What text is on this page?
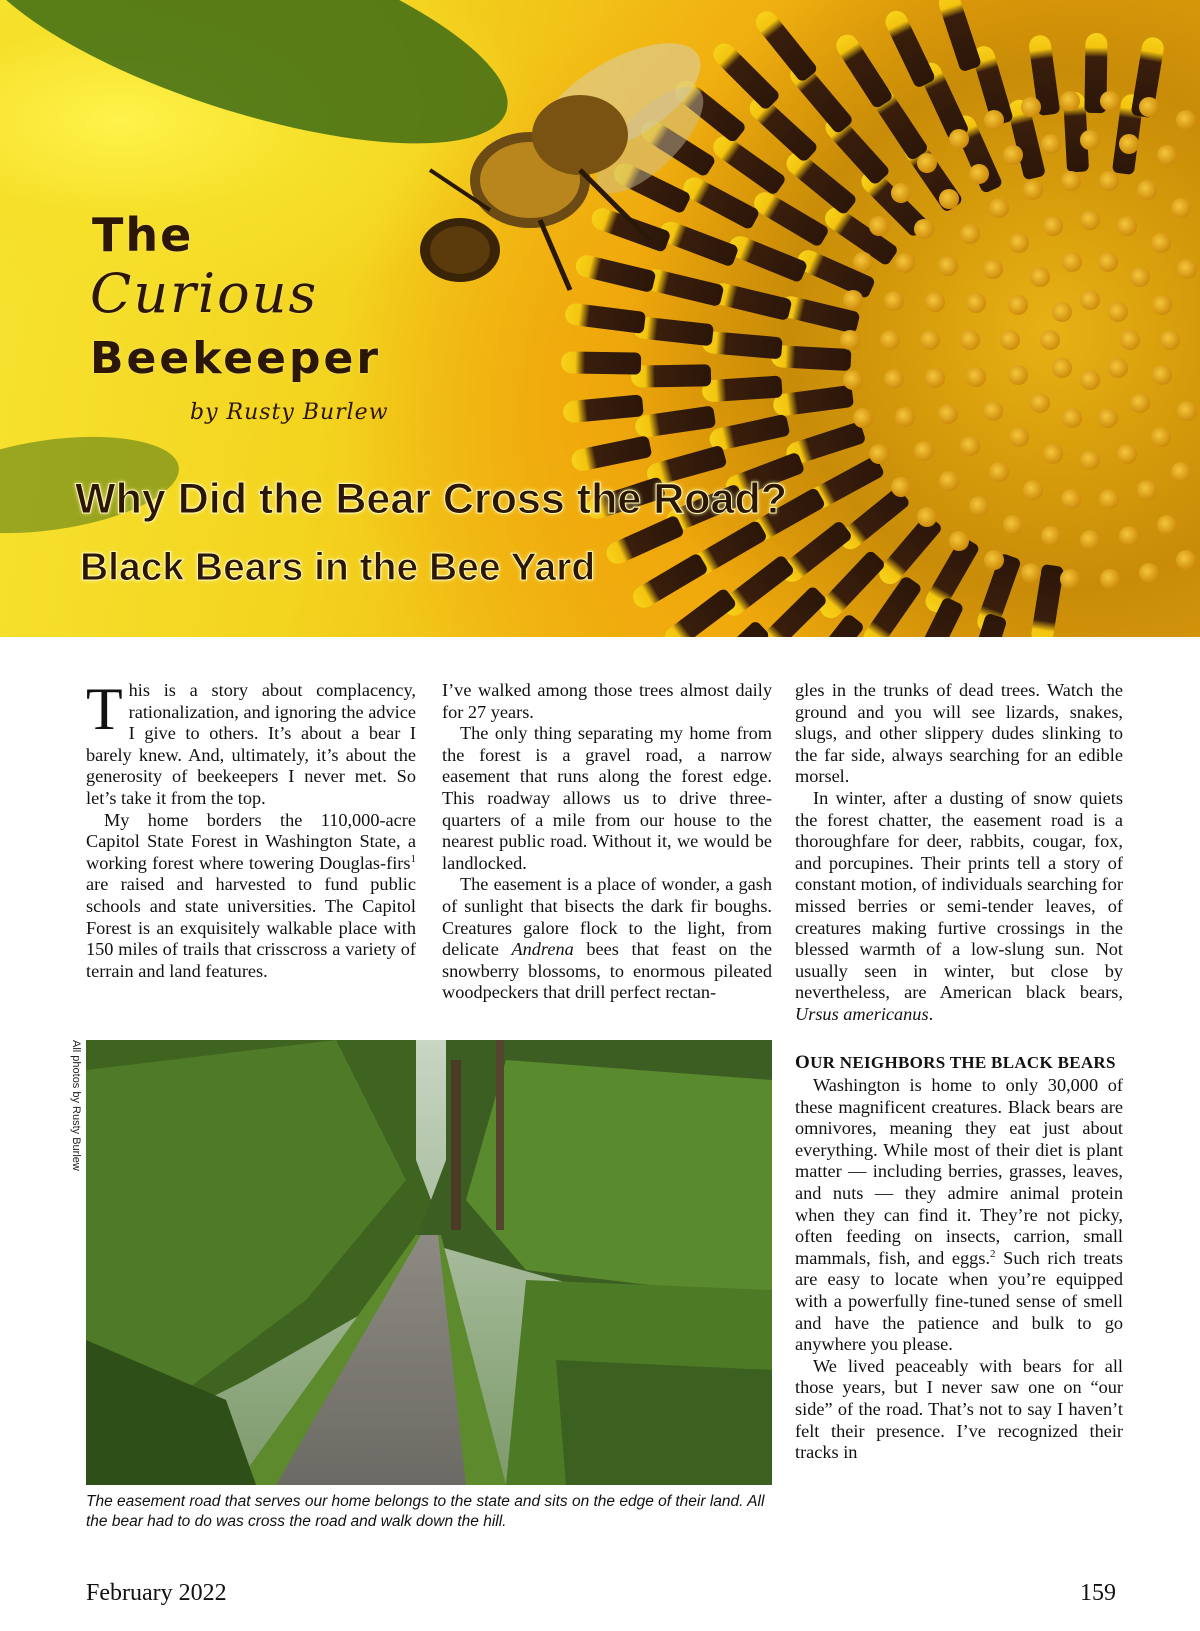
The
Curious
Beekeeper
by Rusty Burlew
Why Did the Bear Cross the Road?
Black Bears in the Bee Yard

This is a story about complacency, rationalization, and ignoring the advice I give to others. It’s about a bear I barely knew. And, ultimately, it’s about the generosity of beekeepers I never met. So let’s take it from the top.

My home borders the 110,000-acre Capitol State Forest in Washington State, a working forest where towering Douglas-firs$^1$ are raised and harvested to fund public schools and state universities. The Capitol Forest is an exquisitely walkable place with 150 miles of trails that crisscross a variety of terrain and land features.

I’ve walked among those trees almost daily for 27 years.

The only thing separating my home from the forest is a gravel road, a narrow easement that runs along the forest edge. This roadway allows us to drive three-quarters of a mile from our house to the nearest public road. Without it, we would be landlocked.

The easement is a place of wonder, a gash of sunlight that bisects the dark fir boughs. Creatures galore flock to the light, from delicate Andrena bees that feast on the snowberry blossoms, to enormous pileated woodpeckers that drill perfect rectan-

gles in the trunks of dead trees. Watch the ground and you will see lizards, snakes, slugs, and other slippery dudes slinking to the far side, always searching for an edible morsel.

In winter, after a dusting of snow quiets the forest chatter, the easement road is a thoroughfare for deer, rabbits, cougar, fox, and porcupines. Their prints tell a story of constant motion, of individuals searching for missed berries or semi-tender leaves, of creatures making furtive crossings in the blessed warmth of a low-slung sun. Not usually seen in winter, but close by nevertheless, are American black bears, Ursus americanus.

OUR NEIGHBORS THE BLACK BEARS

Washington is home to only 30,000 of these magnificent creatures. Black bears are omnivores, meaning they eat just about everything. While most of their diet is plant matter — including berries, grasses, leaves, and nuts — they admire animal protein when they can find it. They’re not picky, often feeding on insects, carrion, small mammals, fish, and eggs.$^2$ Such rich treats are easy to locate when you’re equipped with a powerfully fine-tuned sense of smell and have the patience and bulk to go anywhere you please.

We lived peaceably with bears for all those years, but I never saw one on “our side” of the road. That’s not to say I haven’t felt their presence. I’ve recognized their tracks in

All photos by Rusty Burlew
The easement road that serves our home belongs to the state and sits on the edge of their land. All the bear had to do was cross the road and walk down the hill.
February 2022	159
